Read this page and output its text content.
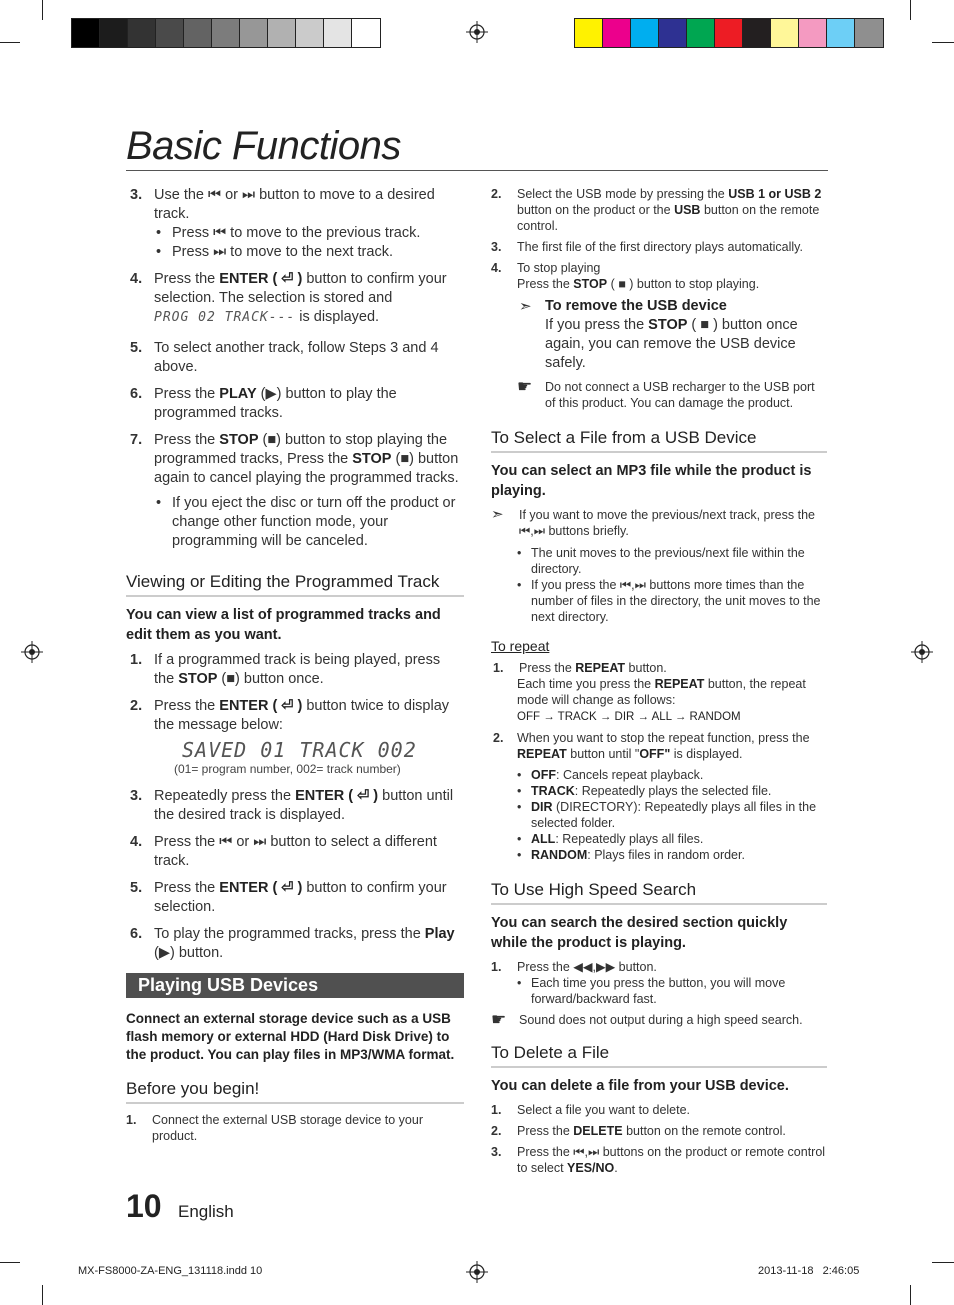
Basic Functions
3. Use the ⏮ or ⏭ button to move to a desired track.
• Press ⏮ to move to the previous track.
• Press ⏭ to move to the next track.
4. Press the ENTER ( ⏎ ) button to confirm your selection. The selection is stored and
PROG 02 TRACK--- is displayed.
5. To select another track, follow Steps 3 and 4 above.
6. Press the PLAY (▶) button to play the programmed tracks.
7. Press the STOP (■) button to stop playing the programmed tracks, Press the STOP (■) button again to cancel playing the programmed tracks.
• If you eject the disc or turn off the product or change other function mode, your programming will be canceled.
Viewing or Editing the Programmed Track
You can view a list of programmed tracks and edit them as you want.
1. If a programmed track is being played, press the STOP (■) button once.
2. Press the ENTER ( ⏎ ) button twice to display the message below:
SAVED 01 TRACK 002
(01= program number, 002= track number)
3. Repeatedly press the ENTER ( ⏎ ) button until the desired track is displayed.
4. Press the ⏮ or ⏭ button to select a different track.
5. Press the ENTER ( ⏎ ) button to confirm your selection.
6. To play the programmed tracks, press the Play (▶) button.
Playing USB Devices
Connect an external storage device such as a USB flash memory or external HDD (Hard Disk Drive) to the product. You can play files in MP3/WMA format.
Before you begin!
1. Connect the external USB storage device to your product.
2. Select the USB mode by pressing the USB 1 or USB 2 button on the product or the USB button on the remote control.
3. The first file of the first directory plays automatically.
4. To stop playing
Press the STOP ( ■ ) button to stop playing.
➣ To remove the USB device
If you press the STOP ( ■ ) button once again, you can remove the USB device safely.
☛ Do not connect a USB recharger to the USB port of this product. You can damage the product.
To Select a File from a USB Device
You can select an MP3 file while the product is playing.
➣ If you want to move the previous/next track, press the ⏮,⏭ buttons briefly.
• The unit moves to the previous/next file within the directory.
• If you press the ⏮,⏭ buttons more times than the number of files in the directory, the unit moves to the next directory.
To repeat
1. Press the REPEAT button.
Each time you press the REPEAT button, the repeat mode will change as follows:
OFF → TRACK → DIR → ALL → RANDOM
2. When you want to stop the repeat function, press the REPEAT button until "OFF" is displayed.
• OFF: Cancels repeat playback.
• TRACK: Repeatedly plays the selected file.
• DIR (DIRECTORY): Repeatedly plays all files in the selected folder.
• ALL: Repeatedly plays all files.
• RANDOM: Plays files in random order.
To Use High Speed Search
You can search the desired section quickly while the product is playing.
1. Press the ◀◀,▶▶ button.
• Each time you press the button, you will move forward/backward fast.
☛ Sound does not output during a high speed search.
To Delete a File
You can delete a file from your USB device.
1. Select a file you want to delete.
2. Press the DELETE button on the remote control.
3. Press the ⏮,⏭ buttons on the product or remote control to select YES/NO.
10 English
MX-FS8000-ZA-ENG_131118.indd 10	2013-11-18   2:46:05
